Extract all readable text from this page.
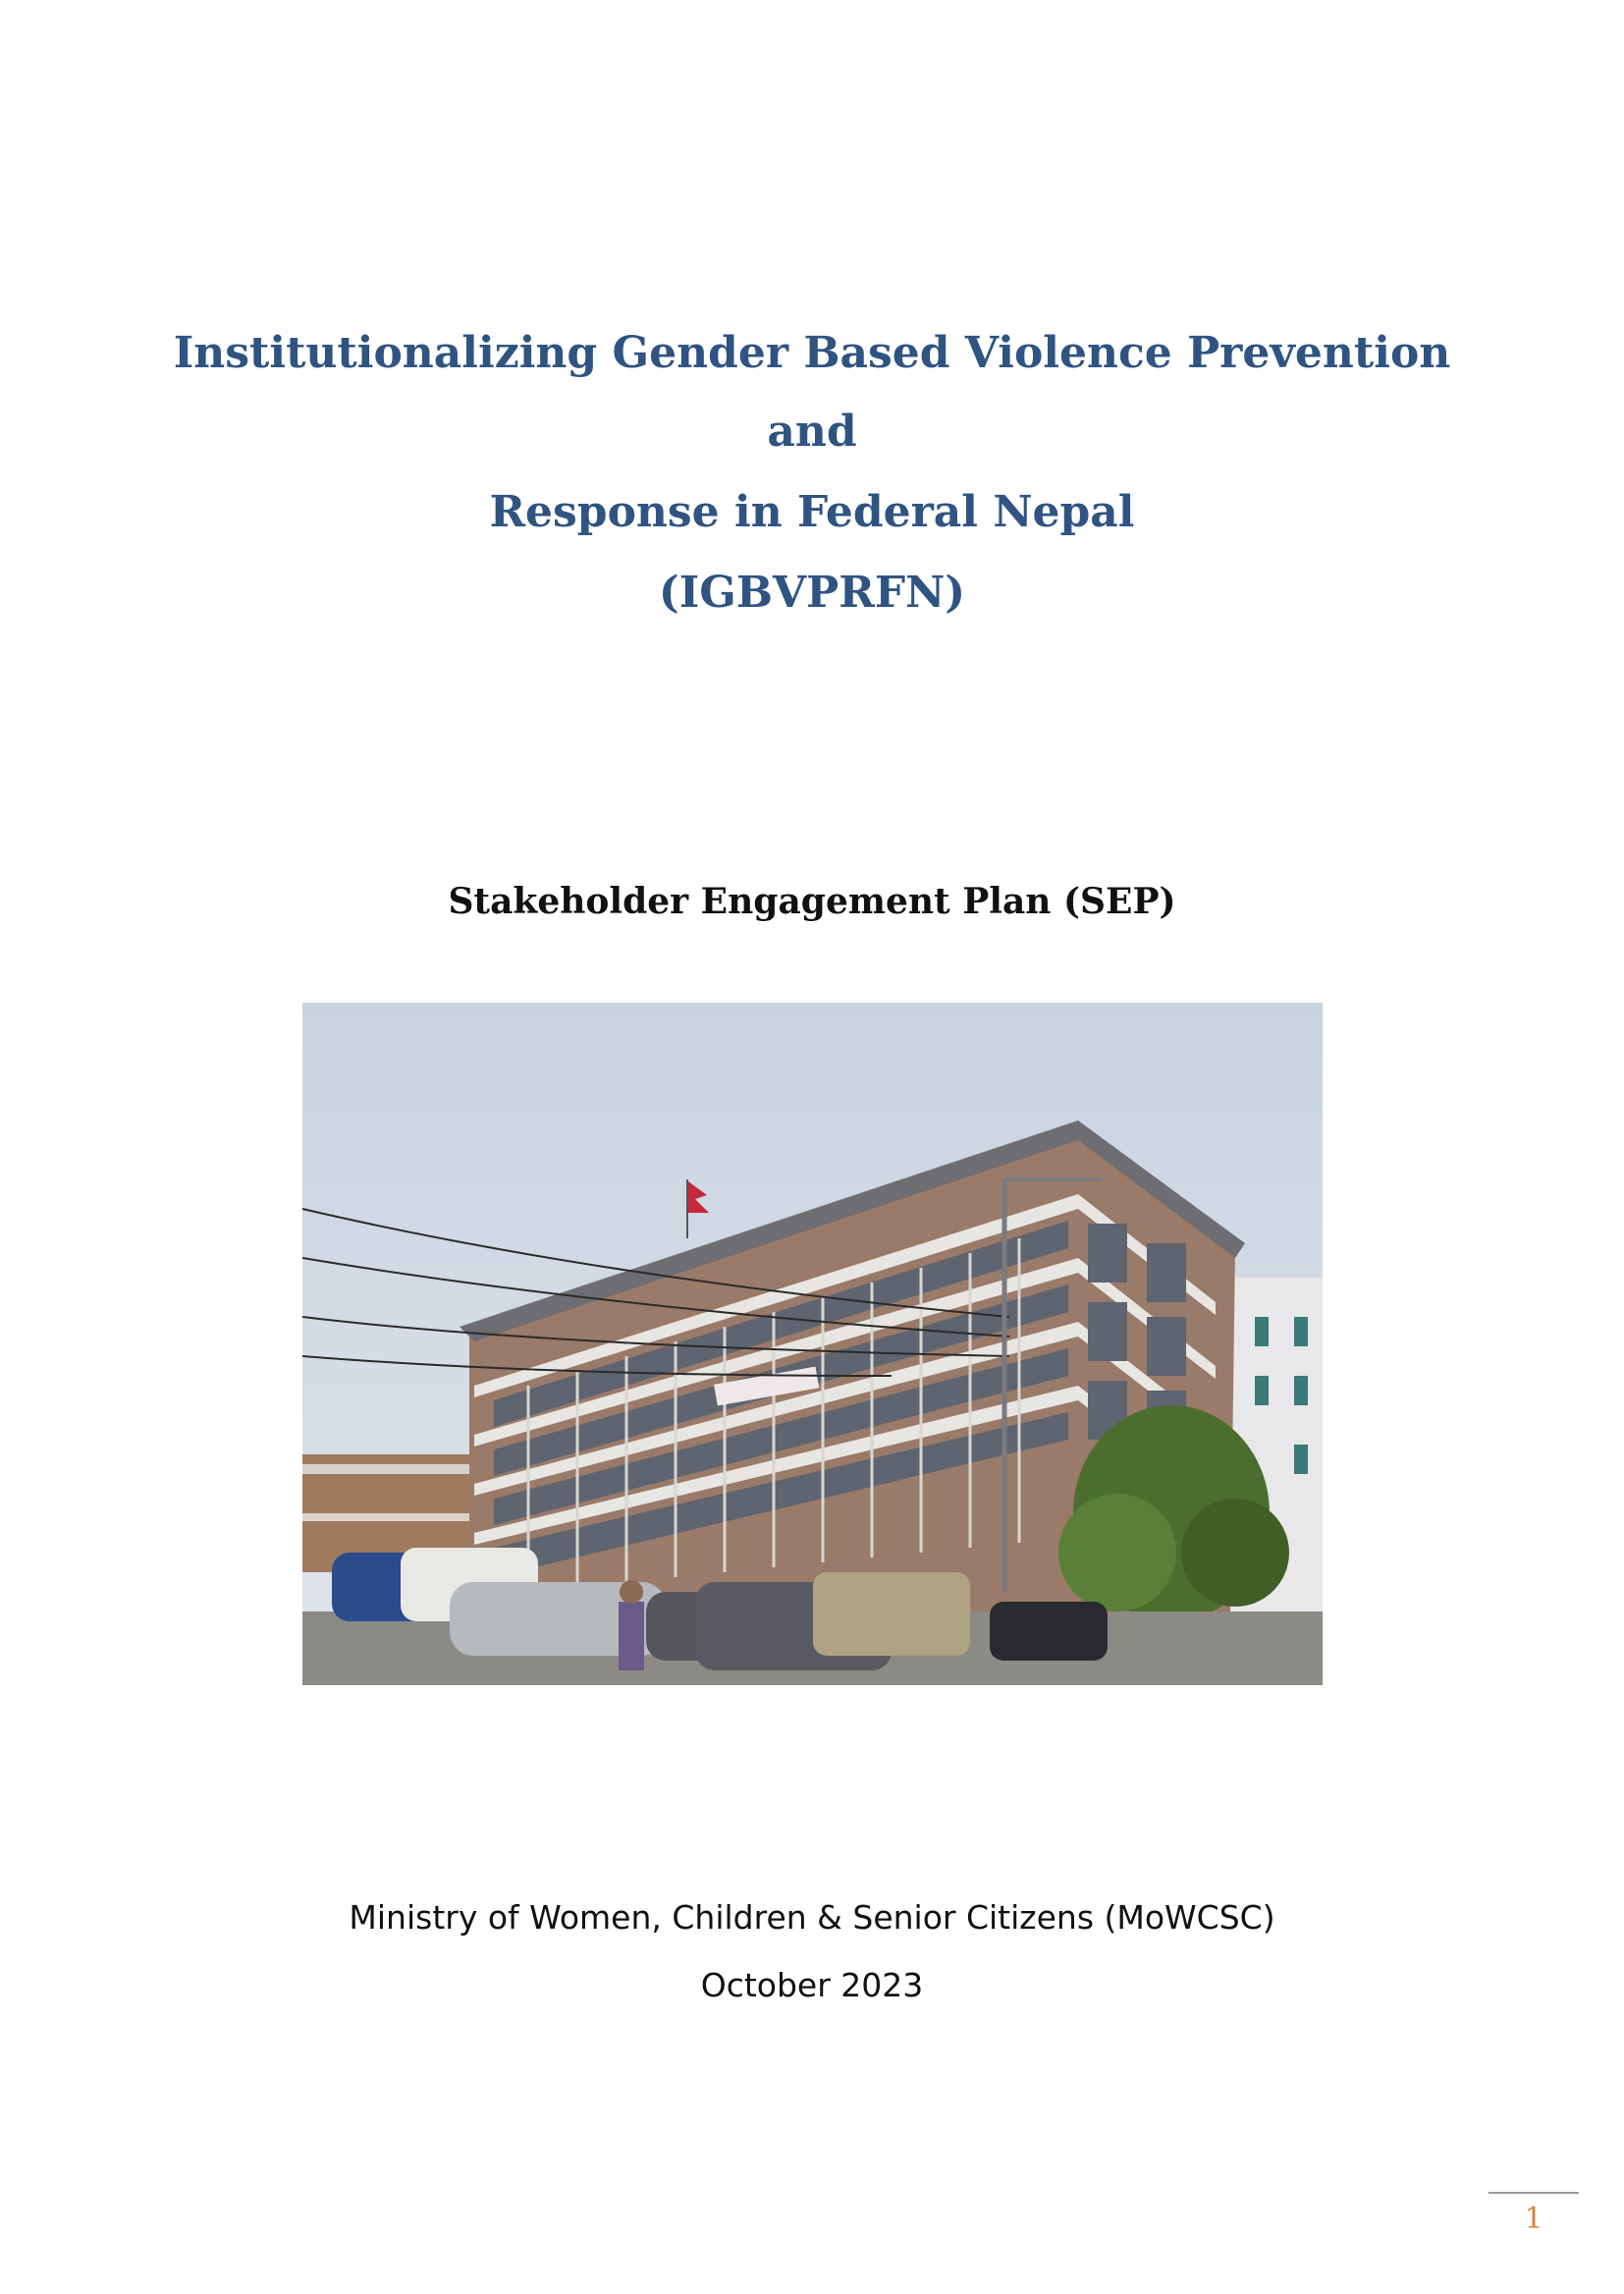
Institutionalizing Gender Based Violence Prevention
and
Response in Federal Nepal
(IGBVPRFN)
Stakeholder Engagement Plan (SEP)
Ministry of Women, Children & Senior Citizens (MoWCSC)
October 2023
1
